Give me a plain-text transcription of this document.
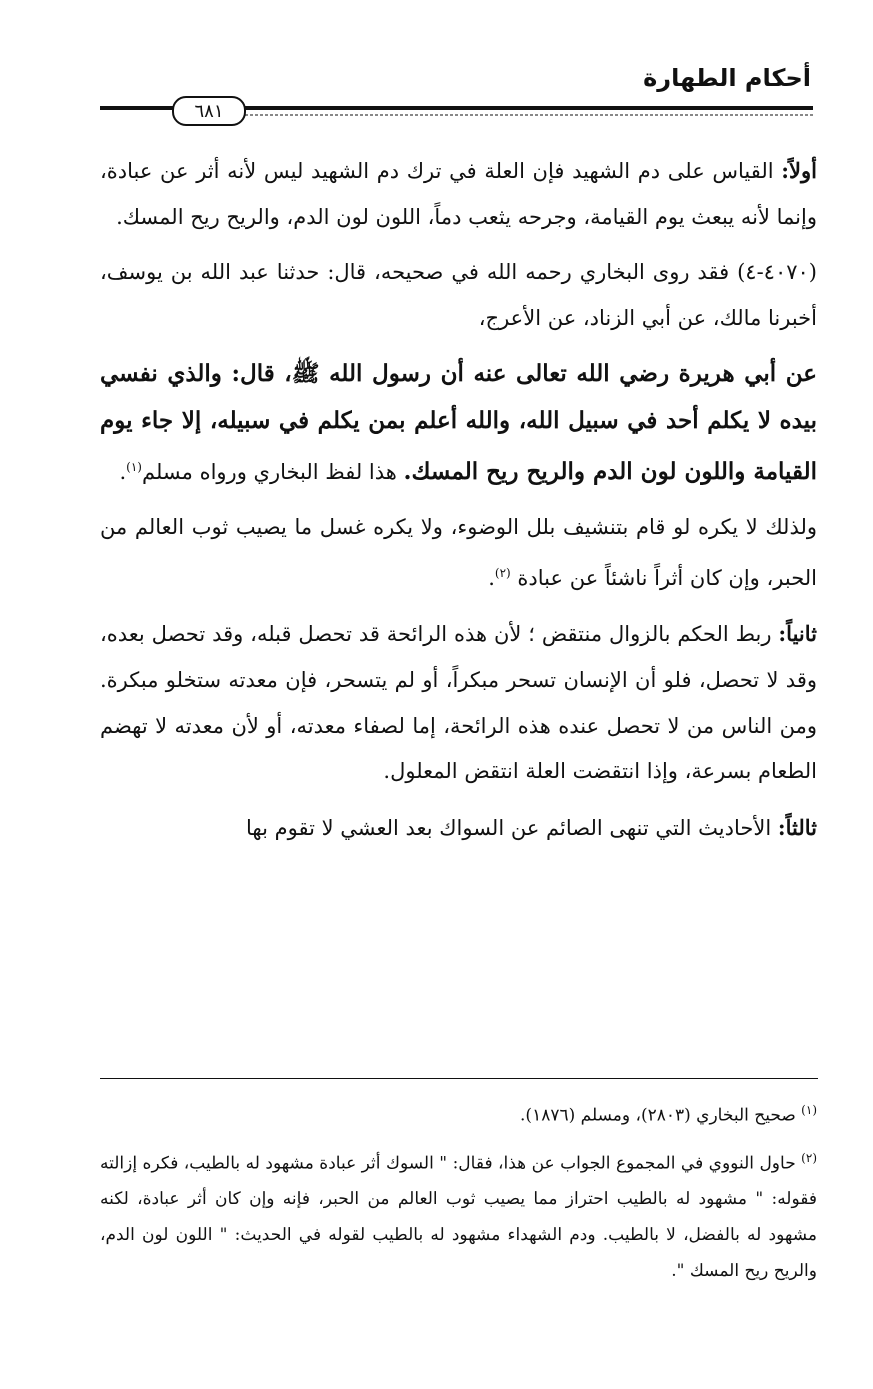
أحكام الطهارة
٦٨١

أولاً: القياس على دم الشهيد فإن العلة في ترك دم الشهيد ليس لأنه أثر عن عبادة، وإنما لأنه يبعث يوم القيامة، وجرحه يثعب دماً، اللون لون الدم، والريح ريح المسك.

(٤٠٧٠-٤) فقد روى البخاري رحمه الله في صحيحه، قال: حدثنا عبد الله بن يوسف، أخبرنا مالك، عن أبي الزناد، عن الأعرج،

عن أبي هريرة رضي الله تعالى عنه أن رسول الله ﷺ، قال: والذي نفسي بيده لا يكلم أحد في سبيل الله، والله أعلم بمن يكلم في سبيله، إلا جاء يوم القيامة واللون لون الدم والريح ريح المسك. هذا لفظ البخاري ورواه مسلم$^{(١)}$.

ولذلك لا يكره لو قام بتنشيف بلل الوضوء، ولا يكره غسل ما يصيب ثوب العالم من الحبر، وإن كان أثراً ناشئاً عن عبادة $^{(٢)}$.

ثانياً: ربط الحكم بالزوال منتقض ؛ لأن هذه الرائحة قد تحصل قبله، وقد تحصل بعده، وقد لا تحصل، فلو أن الإنسان تسحر مبكراً، أو لم يتسحر، فإن معدته ستخلو مبكرة. ومن الناس من لا تحصل عنده هذه الرائحة، إما لصفاء معدته، أو لأن معدته لا تهضم الطعام بسرعة، وإذا انتقضت العلة انتقض المعلول.

ثالثاً: الأحاديث التي تنهى الصائم عن السواك بعد العشي لا تقوم بها

$^{(١)}$ صحيح البخاري (٢٨٠٣)، ومسلم (١٨٧٦).

$^{(٢)}$ حاول النووي في المجموع الجواب عن هذا، فقال: " السوك أثر عبادة مشهود له بالطيب، فكره إزالته فقوله: " مشهود له بالطيب احتراز مما يصيب ثوب العالم من الحبر، فإنه وإن كان أثر عبادة، لكنه مشهود له بالفضل، لا بالطيب. ودم الشهداء مشهود له بالطيب لقوله في الحديث: " اللون لون الدم، والريح ريح المسك ".
